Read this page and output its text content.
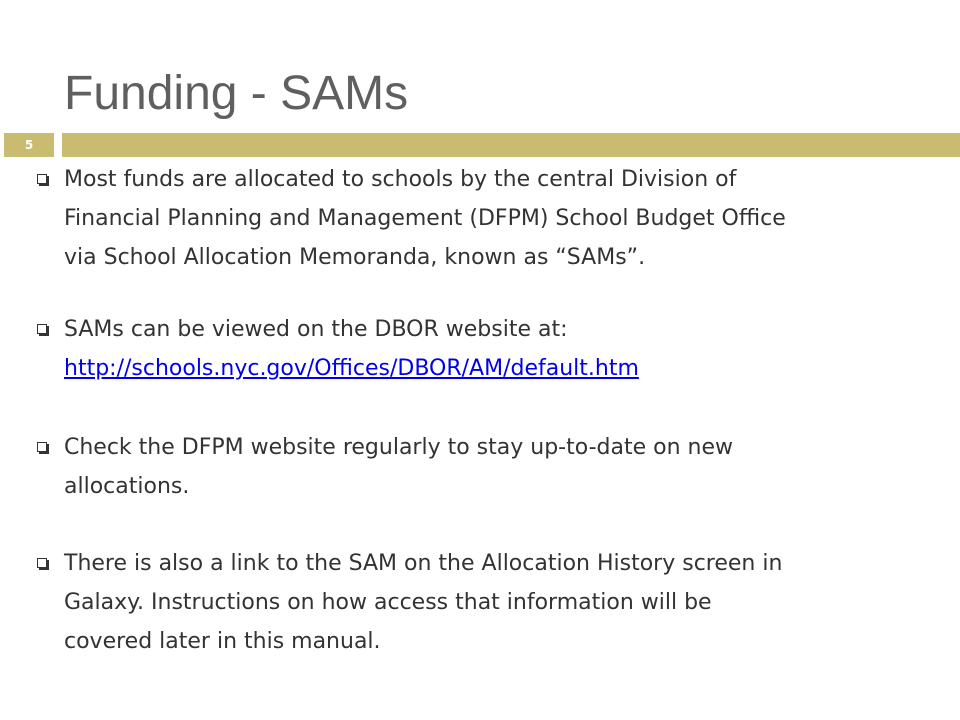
Funding - SAMs
5
Most funds are allocated to schools by the central Division of
Financial Planning and Management (DFPM) School Budget Office
via School Allocation Memoranda, known as “SAMs”.
SAMs can be viewed on the DBOR website at:
http://schools.nyc.gov/Offices/DBOR/AM/default.htm
Check the DFPM website regularly to stay up-to-date on new
allocations.
There is also a link to the SAM on the Allocation History screen in
Galaxy. Instructions on how access that information will be
covered later in this manual.
